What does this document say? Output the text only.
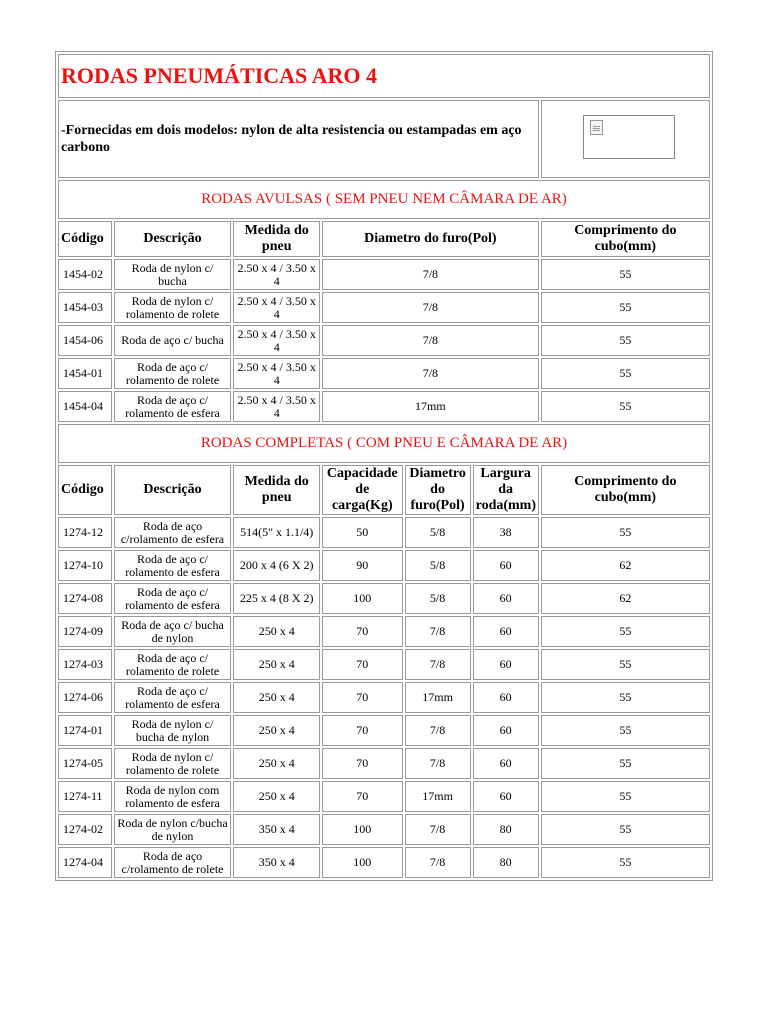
RODAS PNEUMÁTICAS ARO 4						
-Fornecidas em dois modelos: nylon de alta resistencia ou estampadas em aço carbono						

RODAS AVULSAS ( SEM PNEU NEM CÂMARA DE AR)						
Código	Descrição	Medida do pneu	Diametro do furo(Pol)			Comprimento do cubo(mm)
1454-02	Roda de nylon c/ bucha	2.50 x 4 / 3.50 x 4	7/8			55
1454-03	Roda de nylon c/ rolamento de rolete	2.50 x 4 / 3.50 x 4	7/8			55
1454-06	Roda de aço c/ bucha	2.50 x 4 / 3.50 x 4	7/8			55
1454-01	Roda de aço c/ rolamento de rolete	2.50 x 4 / 3.50 x 4	7/8			55
1454-04	Roda de aço c/ rolamento de esfera	2.50 x 4 / 3.50 x 4	17mm			55
RODAS COMPLETAS ( COM PNEU E CÂMARA DE AR)						
Código	Descrição	Medida do pneu	Capacidade de carga(Kg)	Diametro do furo(Pol)	Largura da roda(mm)	Comprimento do cubo(mm)
1274-12	Roda de aço c/rolamento de esfera	514(5" x 1.1/4)	50	5/8	38	55
1274-10	Roda de aço c/ rolamento de esfera	200 x 4 (6 X 2)	90	5/8	60	62
1274-08	Roda de aço c/ rolamento de esfera	225 x 4 (8 X 2)	100	5/8	60	62
1274-09	Roda de aço c/ bucha de nylon	250 x 4	70	7/8	60	55
1274-03	Roda de aço c/ rolamento de rolete	250 x 4	70	7/8	60	55
1274-06	Roda de aço c/ rolamento de esfera	250 x 4	70	17mm	60	55
1274-01	Roda de nylon c/ bucha de nylon	250 x 4	70	7/8	60	55
1274-05	Roda de nylon c/ rolamento de rolete	250 x 4	70	7/8	60	55
1274-11	Roda de nylon com rolamento de esfera	250 x 4	70	17mm	60	55
1274-02	Roda de nylon c/bucha de nylon	350 x 4	100	7/8	80	55
1274-04	Roda de aço c/rolamento de rolete	350 x 4	100	7/8	80	55
